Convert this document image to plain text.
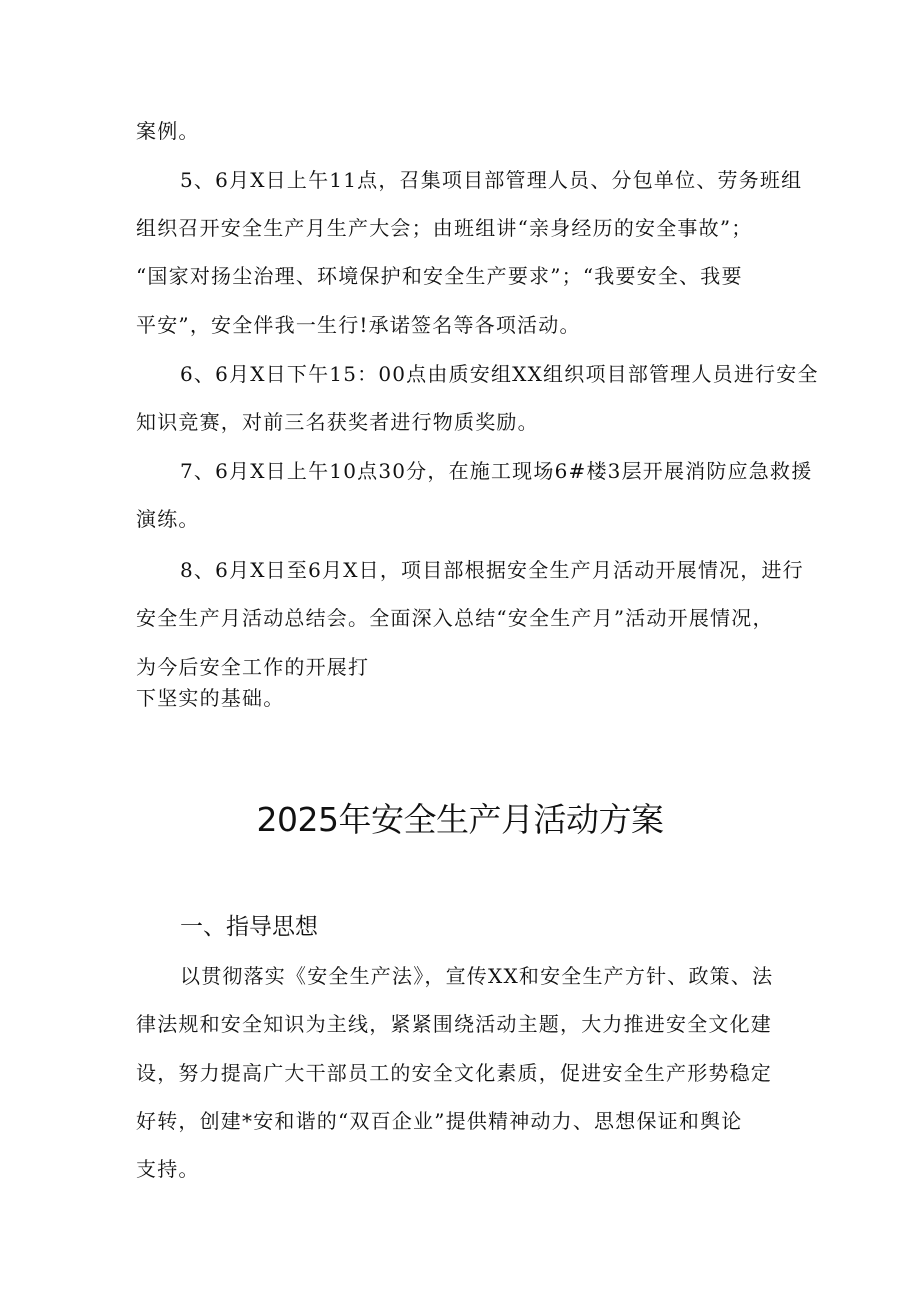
案例。

5、6月X日上午11点，召集项目部管理人员、分包单位、劳务班组

组织召开安全生产月生产大会；由班组讲“亲身经历的安全事故”；

“国家对扬尘治理、环境保护和安全生产要求”；“我要安全、我要

平安”，安全伴我一生行!承诺签名等各项活动。

6、6月X日下午15：00点由质安组XX组织项目部管理人员进行安全

知识竞赛，对前三名获奖者进行物质奖励。

7、6月X日上午10点30分，在施工现场6#楼3层开展消防应急救援

演练。

8、6月X日至6月X日，项目部根据安全生产月活动开展情况，进行

安全生产月活动总结会。全面深入总结“安全生产月”活动开展情况，

为今后安全工作的开展打

下坚实的基础。

2025年安全生产月活动方案
一、指导思想

以贯彻落实《安全生产法》，宣传XX和安全生产方针、政策、法

律法规和安全知识为主线，紧紧围绕活动主题，大力推进安全文化建

设，努力提高广大干部员工的安全文化素质，促进安全生产形势稳定

好转，创建*安和谐的“双百企业”提供精神动力、思想保证和舆论

支持。
